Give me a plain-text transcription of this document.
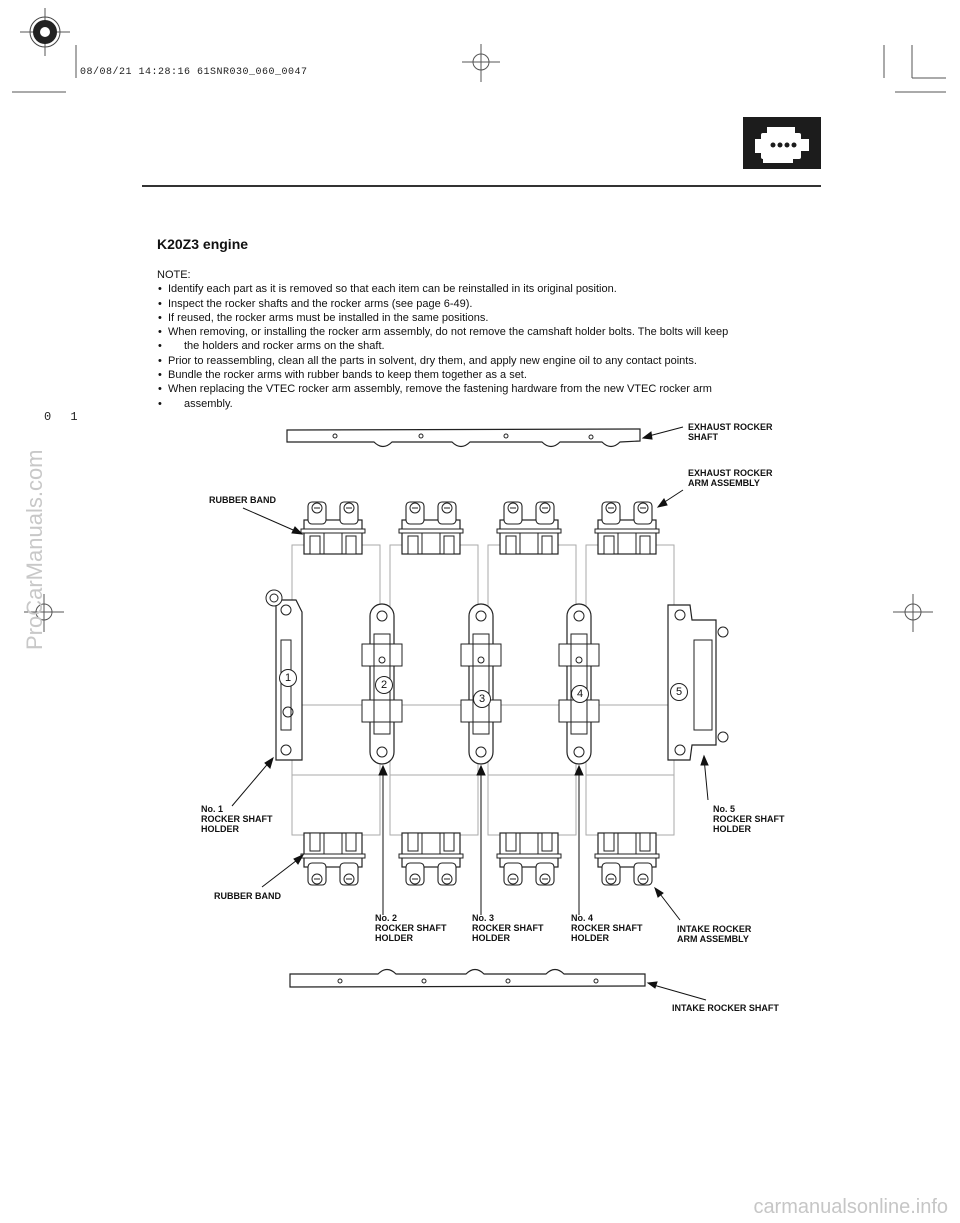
08/08/21 14:28:16 61SNR030_060_0047
0 1
ProCarManuals.com
carmanualsonline.info
K20Z3 engine
NOTE:
• Identify each part as it is removed so that each item can be reinstalled in its original position.
• Inspect the rocker shafts and the rocker arms (see page 6-49).
• If reused, the rocker arms must be installed in the same positions.
• When removing, or installing the rocker arm assembly, do not remove the camshaft holder bolts. The bolts will keep
• the holders and rocker arms on the shaft.
• Prior to reassembling, clean all the parts in solvent, dry them, and apply new engine oil to any contact points.
• Bundle the rocker arms with rubber bands to keep them together as a set.
• When replacing the VTEC rocker arm assembly, remove the fastening hardware from the new VTEC rocker arm
• assembly.
1
2
3	4	5
EXHAUST ROCKER
SHAFT
EXHAUST ROCKER
ARM ASSEMBLY
RUBBER BAND
No. 1
ROCKER SHAFT
HOLDER
No. 5
ROCKER SHAFT
HOLDER
RUBBER BAND
No. 2
ROCKER SHAFT
HOLDER
No. 3
ROCKER SHAFT
HOLDER
No. 4
ROCKER SHAFT
HOLDER
INTAKE ROCKER
ARM ASSEMBLY
INTAKE ROCKER SHAFT
